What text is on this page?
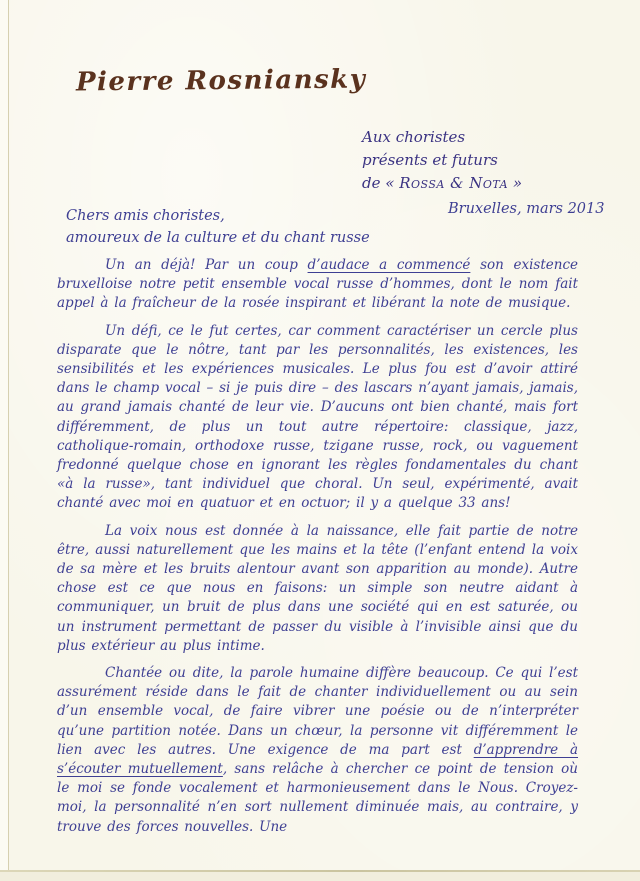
Pierre Rosniansky
Aux choristes
présents et futurs
de « Rossa & Nota »
Bruxelles, mars 2013
Chers amis choristes,
amoureux de la culture et du chant russe

Un an déjà! Par un coup d’audace a commencé son existence bruxelloise notre petit ensemble vocal russe d’hommes, dont le nom fait appel à la fraîcheur de la rosée inspirant et libérant la note de musique.

Un défi, ce le fut certes, car comment caractériser un cercle plus disparate que le nôtre, tant par les personnalités, les existences, les sensibilités et les expériences musicales. Le plus fou est d’avoir attiré dans le champ vocal – si je puis dire – des lascars n’ayant jamais, jamais, au grand jamais chanté de leur vie. D’aucuns ont bien chanté, mais fort différemment, de plus un tout autre répertoire: classique, jazz, catholique-romain, orthodoxe russe, tzigane russe, rock, ou vaguement fredonné quelque chose en ignorant les règles fondamentales du chant «à la russe», tant individuel que choral. Un seul, expérimenté, avait chanté avec moi en quatuor et en octuor; il y a quelque 33 ans!

La voix nous est donnée à la naissance, elle fait partie de notre être, aussi naturellement que les mains et la tête (l’enfant entend la voix de sa mère et les bruits alentour avant son apparition au monde). Autre chose est ce que nous en faisons: un simple son neutre aidant à communiquer, un bruit de plus dans une société qui en est saturée, ou un instrument permettant de passer du visible à l’invisible ainsi que du plus extérieur au plus intime.

Chantée ou dite, la parole humaine diffère beaucoup. Ce qui l’est assurément réside dans le fait de chanter individuellement ou au sein d’un ensemble vocal, de faire vibrer une poésie ou de n’interpréter qu’une partition notée. Dans un chœur, la personne vit différemment le lien avec les autres. Une exigence de ma part est d’apprendre à s’écouter mutuellement, sans relâche à chercher ce point de tension où le moi se fonde vocalement et harmonieusement dans le Nous. Croyez-moi, la personnalité n’en sort nullement diminuée mais, au contraire, y trouve des forces nouvelles. Une
